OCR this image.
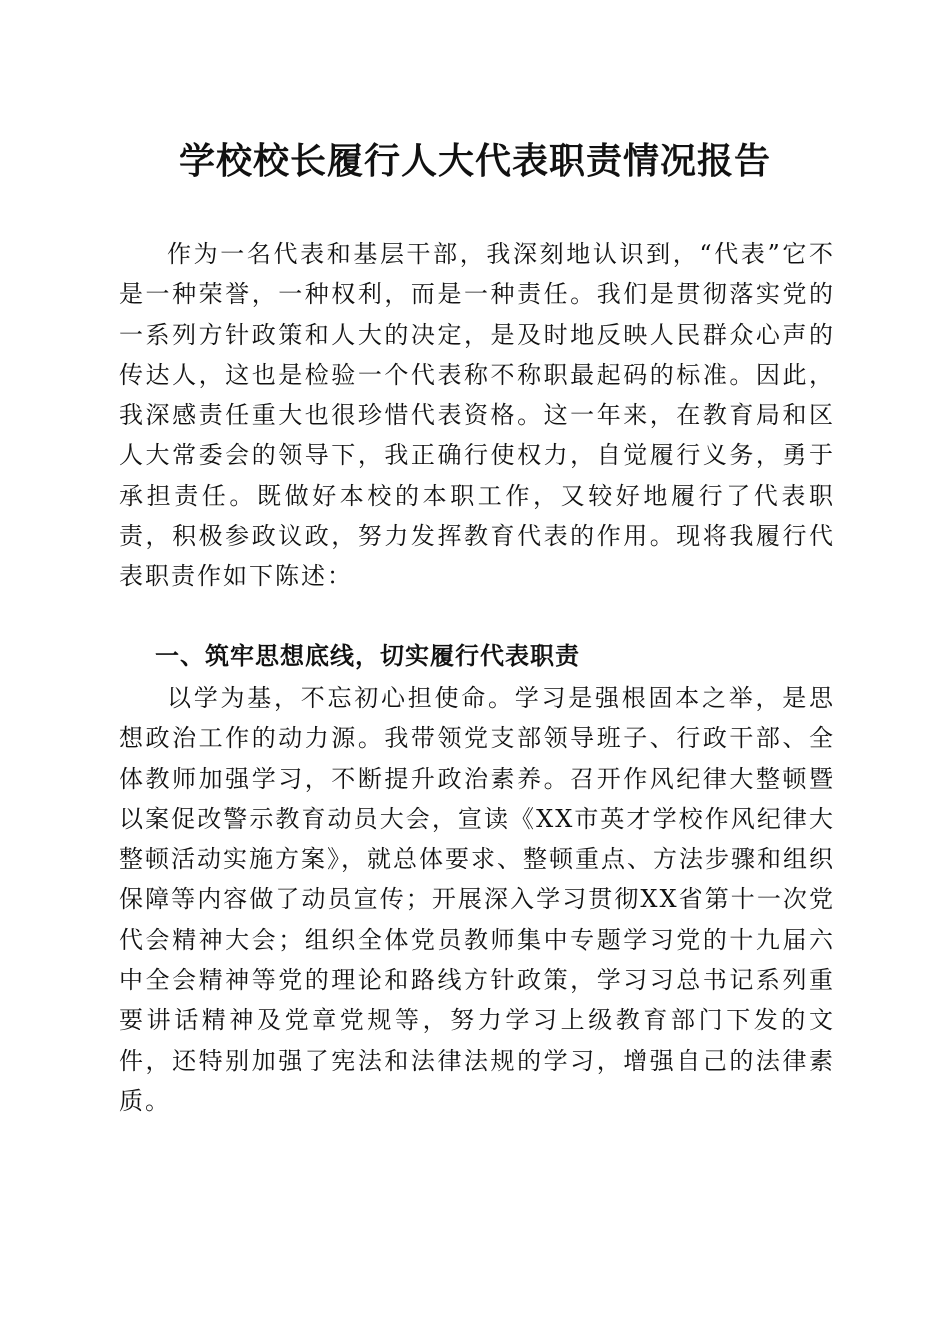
学校校长履行人大代表职责情况报告

作为一名代表和基层干部，我深刻地认识到，“代表”它不是一种荣誉，一种权利，而是一种责任。我们是贯彻落实党的一系列方针政策和人大的决定，是及时地反映人民群众心声的传达人，这也是检验一个代表称不称职最起码的标准。因此，我深感责任重大也很珍惜代表资格。这一年来，在教育局和区人大常委会的领导下，我正确行使权力，自觉履行义务，勇于承担责任。既做好本校的本职工作，又较好地履行了代表职责，积极参政议政，努力发挥教育代表的作用。现将我履行代表职责作如下陈述：

一、筑牢思想底线，切实履行代表职责

以学为基，不忘初心担使命。学习是强根固本之举，是思想政治工作的动力源。我带领党支部领导班子、行政干部、全体教师加强学习，不断提升政治素养。召开作风纪律大整顿暨以案促改警示教育动员大会，宣读《XX市英才学校作风纪律大整顿活动实施方案》，就总体要求、整顿重点、方法步骤和组织保障等内容做了动员宣传；开展深入学习贯彻XX省第十一次党代会精神大会；组织全体党员教师集中专题学习党的十九届六中全会精神等党的理论和路线方针政策，学习习总书记系列重要讲话精神及党章党规等，努力学习上级教育部门下发的文件，还特别加强了宪法和法律法规的学习，增强自己的法律素质。
